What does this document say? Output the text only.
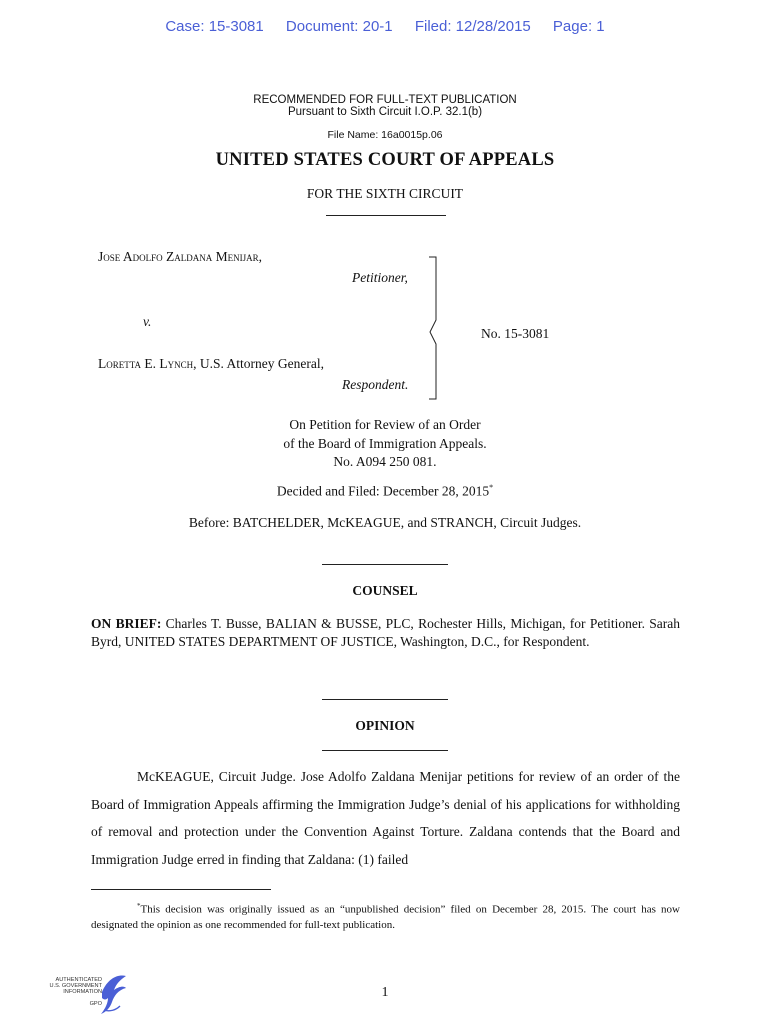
Case: 15-3081 Document: 20-1 Filed: 12/28/2015 Page: 1
RECOMMENDED FOR FULL-TEXT PUBLICATION
Pursuant to Sixth Circuit I.O.P. 32.1(b)
File Name: 16a0015p.06
UNITED STATES COURT OF APPEALS
FOR THE SIXTH CIRCUIT
Jose Adolfo Zaldana Menijar,
Petitioner,
v.
Loretta E. Lynch, U.S. Attorney General,
Respondent.
No. 15-3081
On Petition for Review of an Order
of the Board of Immigration Appeals.
No. A094 250 081.
Decided and Filed: December 28, 2015*
Before: BATCHELDER, McKEAGUE, and STRANCH, Circuit Judges.
COUNSEL
ON BRIEF: Charles T. Busse, BALIAN & BUSSE, PLC, Rochester Hills, Michigan, for Petitioner. Sarah Byrd, UNITED STATES DEPARTMENT OF JUSTICE, Washington, D.C., for Respondent.
OPINION
McKEAGUE, Circuit Judge. Jose Adolfo Zaldana Menijar petitions for review of an order of the Board of Immigration Appeals affirming the Immigration Judge’s denial of his applications for withholding of removal and protection under the Convention Against Torture. Zaldana contends that the Board and Immigration Judge erred in finding that Zaldana: (1) failed
*This decision was originally issued as an “unpublished decision” filed on December 28, 2015. The court has now designated the opinion as one recommended for full-text publication.
1
AUTHENTICATED
U.S. GOVERNMENT
INFORMATION
GPO
